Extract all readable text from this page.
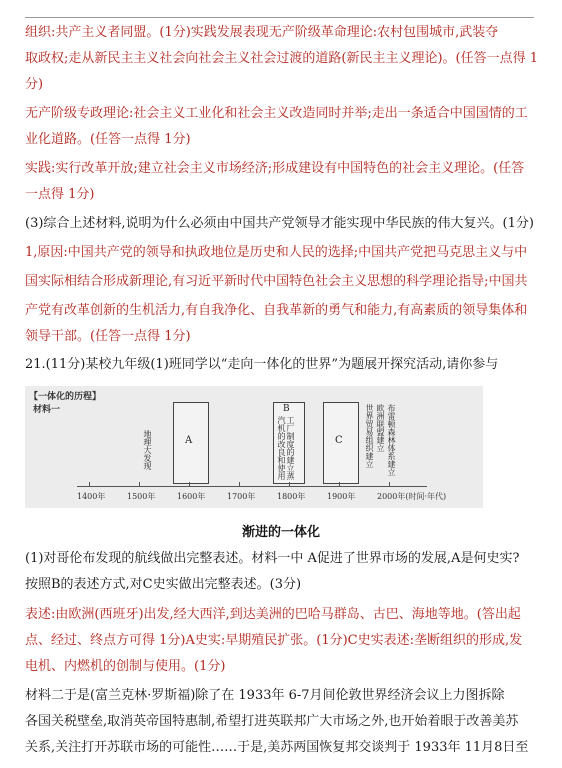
组织:共产主义者同盟。(1分)实践发展表现无产阶级革命理论:农村包围城市,武装夺
取政权;走从新民主主义社会向社会主义社会过渡的道路(新民主主义理论)。(任答一点得 1
分)
无产阶级专政理论:社会主义工业化和社会主义改造同时并举;走出一条适合中国国情的工
业化道路。(任答一点得 1分)
实践:实行改革开放;建立社会主义市场经济;形成建设有中国特色的社会主义理论。(任答
一点得 1分)
(3)综合上述材料,说明为什么必须由中国共产党领导才能实现中华民族的伟大复兴。(1分)
1,原因:中国共产党的领导和执政地位是历史和人民的选择;中国共产党把马克思主义与中
国实际相结合形成新理论,有习近平新时代中国特色社会主义思想的科学理论指导;中国共
产党有改革创新的生机活力,有自我净化、自我革新的勇气和能力,有高素质的领导集体和
领导干部。(任答一点得 1分)
21.(11分)某校九年级(1)班同学以“走向一体化的世界”为题展开探究活动,请你参与
【一体化的历程】
材料一
地理大发现	A
B
工厂制度的建立蒸汽机的改良和使用	C	世界贸易组织建立 欧洲联盟建立 布雷顿森林体系建立
1400年	1500年	1600年	1700年	1800年	1900年	2000年(时间·年代)
渐进的一体化
(1)对哥伦布发现的航线做出完整表述。材料一中 A促进了世界市场的发展,A是何史实?
按照B的表述方式,对C史实做出完整表述。(3分)
表述:由欧洲(西班牙)出发,经大西洋,到达美洲的巴哈马群岛、古巴、海地等地。(答出起
点、经过、终点方可得 1分)A史实:早期殖民扩张。(1分)C史实表述:垄断组织的形成,发
电机、内燃机的创制与使用。(1分)
材料二于是(富兰克林·罗斯福)除了在 1933年 6-7月间伦敦世界经济会议上力图拆除
各国关税壁垒,取消英帝国特惠制,希望打进英联邦广大市场之外,也开始着眼于改善美苏
关系,关注打开苏联市场的可能性……于是,美苏两国恢复邦交谈判于 1933年 11月8日至
